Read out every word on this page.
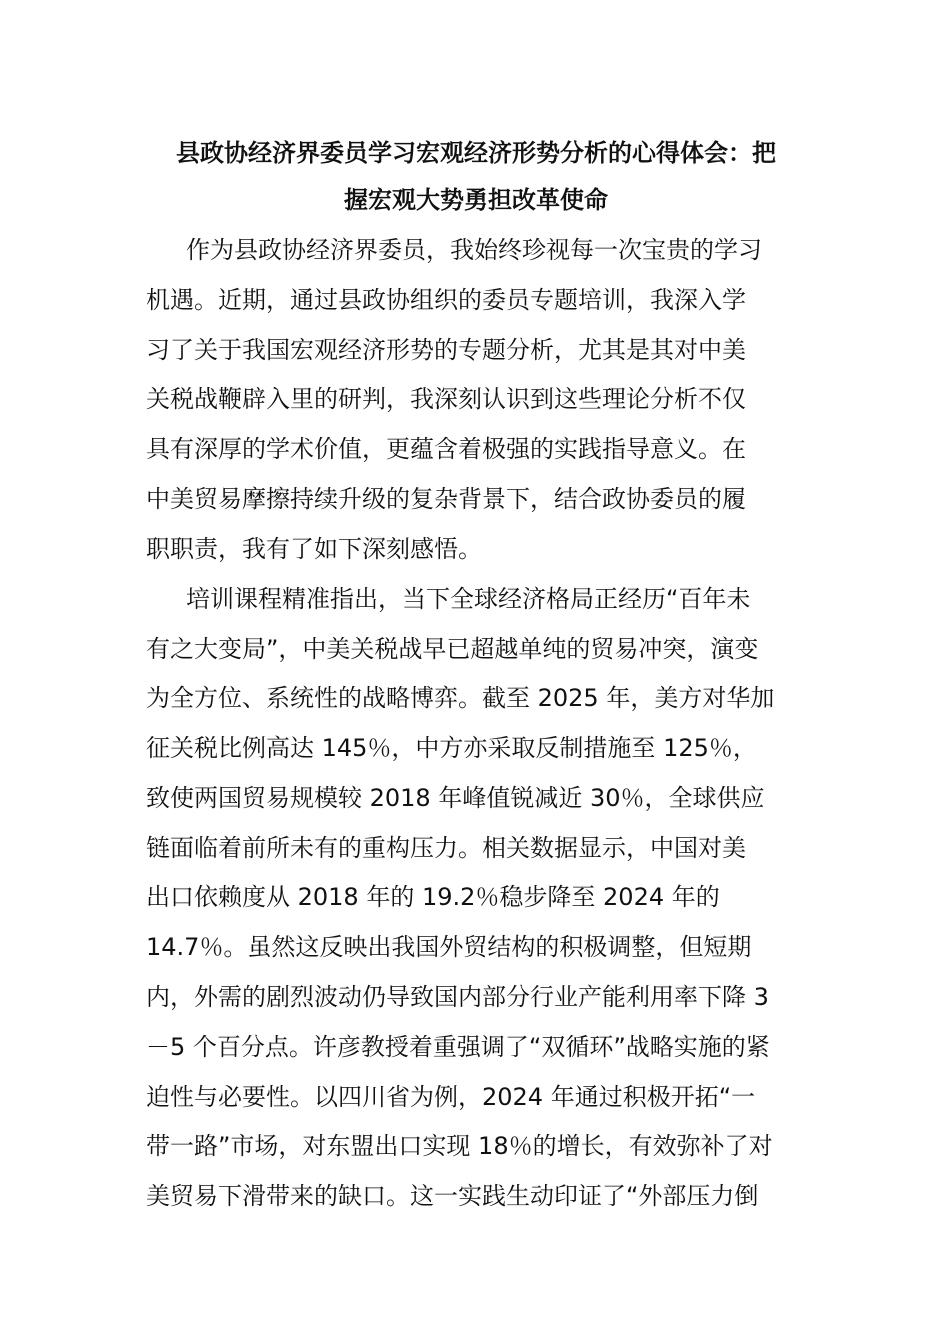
县政协经济界委员学习宏观经济形势分析的心得体会：把
握宏观大势勇担改革使命
作为县政协经济界委员，我始终珍视每一次宝贵的学习
机遇。近期，通过县政协组织的委员专题培训，我深入学
习了关于我国宏观经济形势的专题分析，尤其是其对中美
关税战鞭辟入里的研判，我深刻认识到这些理论分析不仅
具有深厚的学术价值，更蕴含着极强的实践指导意义。在
中美贸易摩擦持续升级的复杂背景下，结合政协委员的履
职职责，我有了如下深刻感悟。
培训课程精准指出，当下全球经济格局正经历“百年未
有之大变局”，中美关税战早已超越单纯的贸易冲突，演变
为全方位、系统性的战略博弈。截至 2025 年，美方对华加
征关税比例高达 145％，中方亦采取反制措施至 125％，
致使两国贸易规模较 2018 年峰值锐减近 30％，全球供应
链面临着前所未有的重构压力。相关数据显示，中国对美
出口依赖度从 2018 年的 19.2％稳步降至 2024 年的
14.7％。虽然这反映出我国外贸结构的积极调整，但短期
内，外需的剧烈波动仍导致国内部分行业产能利用率下降 3
－5 个百分点。许彦教授着重强调了“双循环”战略实施的紧
迫性与必要性。以四川省为例，2024 年通过积极开拓“一
带一路”市场，对东盟出口实现 18％的增长，有效弥补了对
美贸易下滑带来的缺口。这一实践生动印证了“外部压力倒
